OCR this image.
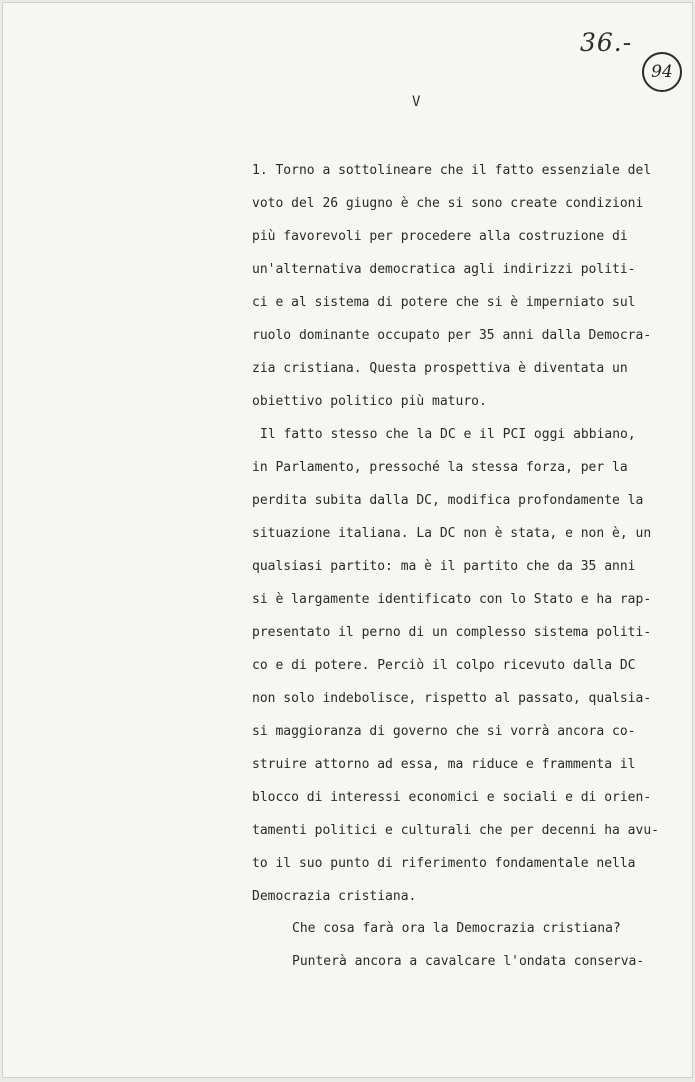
36.-
94
V
1. Torno a sottolineare che il fatto essenziale del
voto del 26 giugno è che si sono create condizioni
più favorevoli per procedere alla costruzione di
un'alternativa democratica agli indirizzi politi-
ci e al sistema di potere che si è imperniato sul
ruolo dominante occupato per 35 anni dalla Democra-
zia cristiana. Questa prospettiva è diventata un
obiettivo politico più maturo.
Il fatto stesso che la DC e il PCI oggi abbiano,
in Parlamento, pressoché la stessa forza, per la
perdita subita dalla DC, modifica profondamente la
situazione italiana. La DC non è stata, e non è, un
qualsiasi partito: ma è il partito che da 35 anni
si è largamente identificato con lo Stato e ha rap-
presentato il perno di un complesso sistema politi-
co e di potere. Perciò il colpo ricevuto dalla DC
non solo indebolisce, rispetto al passato, qualsia-
si maggioranza di governo che si vorrà ancora co-
struire attorno ad essa, ma riduce e frammenta il
blocco di interessi economici e sociali e di orien-
tamenti politici e culturali che per decenni ha avu-
to il suo punto di riferimento fondamentale nella
Democrazia cristiana.
Che cosa farà ora la Democrazia cristiana?
Punterà ancora a cavalcare l'ondata conserva-
